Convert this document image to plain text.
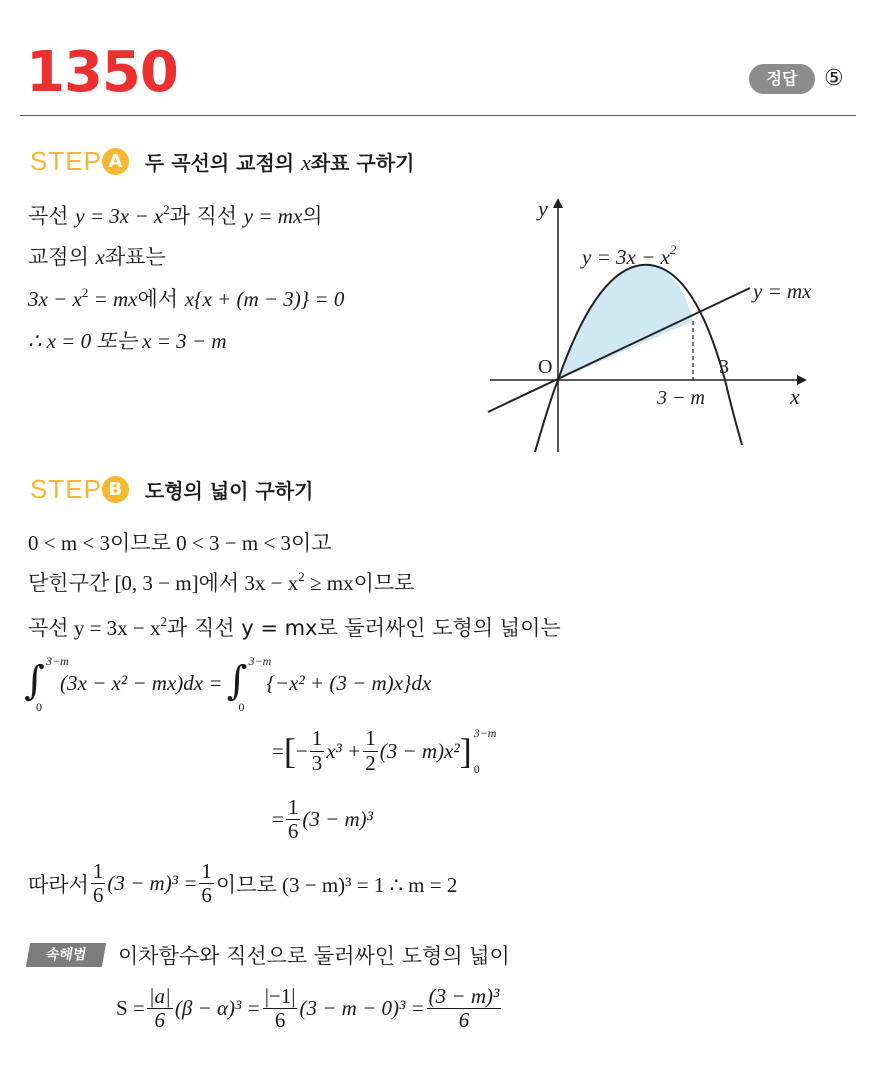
1350	정답	⑤
STEP A	두 곡선의 교점의 x좌표 구하기
곡선 $y = 3x - x^2$과 직선 y = mx의
교점의 x좌표는
$3x - x^2$ = mx에서 x{x + (m − 3)} = 0
∴ x = 0 또는 x = 3 − m
y
x
O
$y = 3x - x^2$
y = mx
3
3 − m
STEP B	도형의 넓이 구하기
0 < m < 3이므로 0 < 3 − m < 3이고
닫힌구간 [0, 3 − m]에서 $3x - x^2$ ≥ mx이므로
곡선 $y = 3x - x^2$과 직선 y = mx로 둘러싸인 도형의 넓이는
∫ 3−m
0
(3x − x² − mx)dx = ∫ 3−m
0
{−x² + (3 − m)x}dx
= [ − $\frac{1}{3} x^3 + \frac{1}{2} (3 - m)x^2$ ] 3−m
0
= $\frac{1}{6} (3 - m)^3$
따라서 $\frac{1}{6} (3 - m)^3 = \frac{1}{6}$ 이므로 (3 − m)³ = 1 ∴ m = 2
속해법	이차함수와 직선으로 둘러싸인 도형의 넓이
$S = \frac{|a|}{6} (\beta - \alpha)^3 = \frac{|-1|}{6} (3 - m - 0)^3 = \frac{\text{(3 − m)³}}{6}$
